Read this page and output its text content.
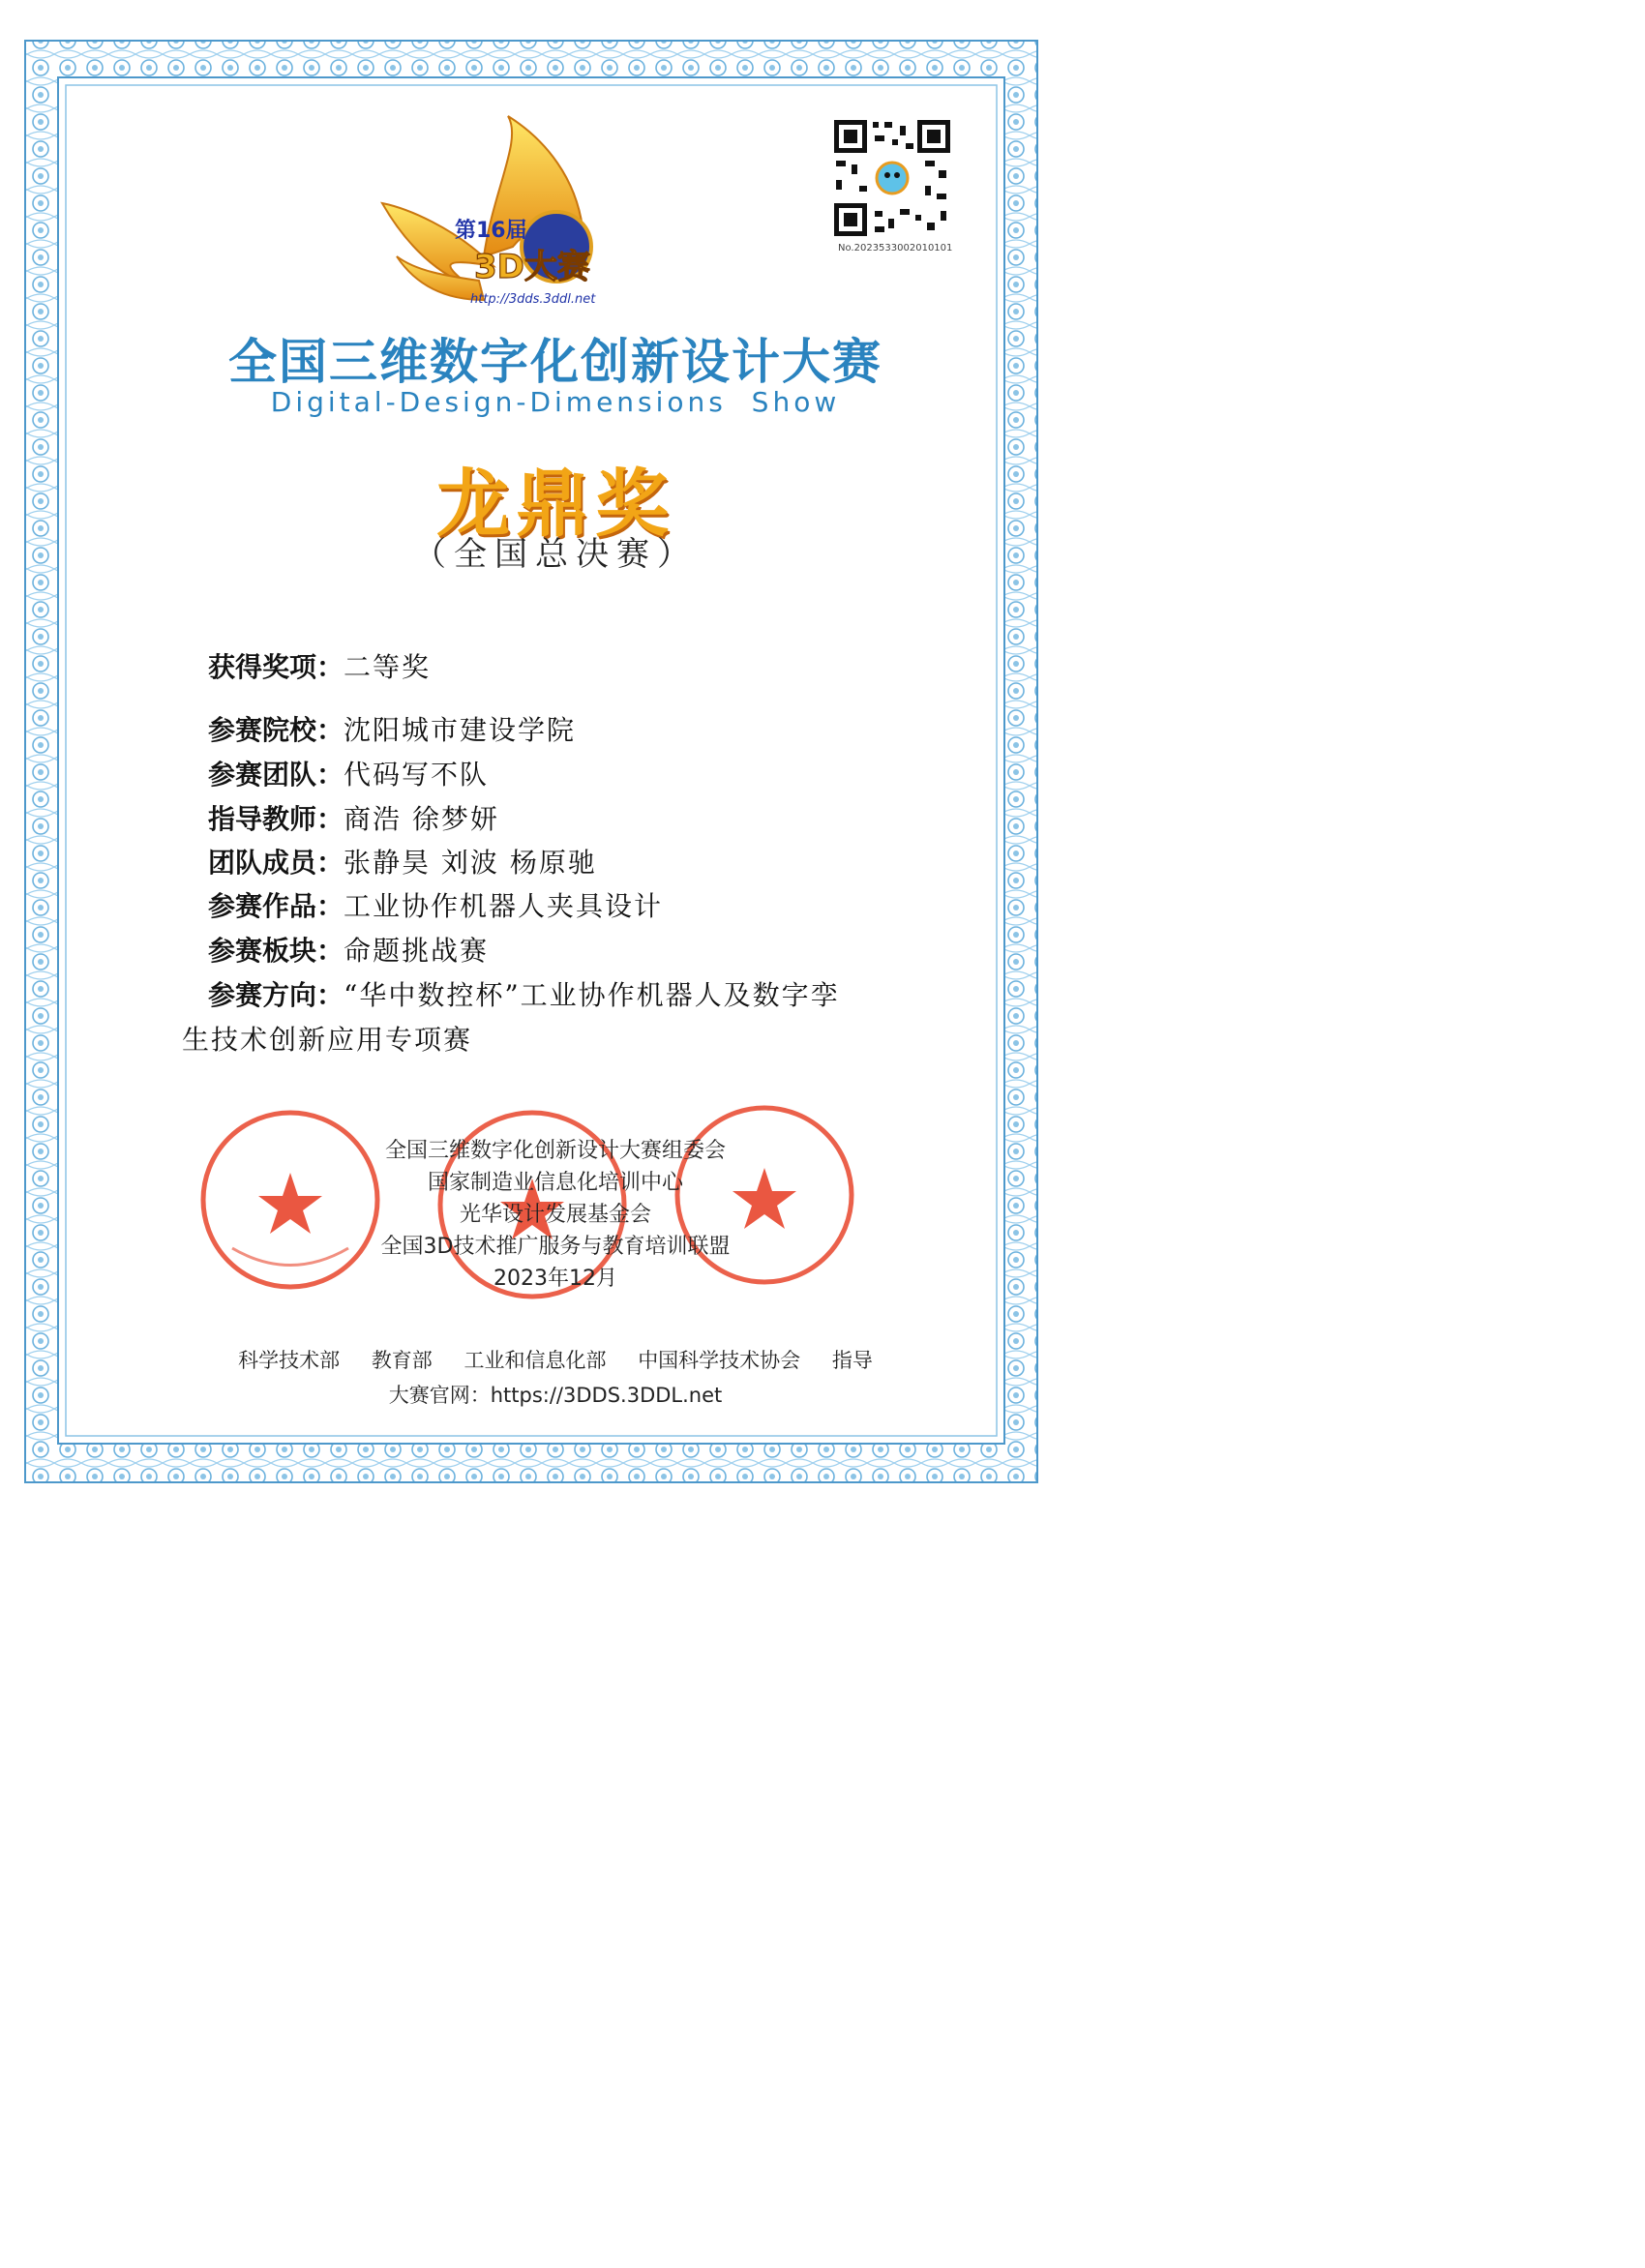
第16届
3D大赛
http://3dds.3ddl.net
No.2023533002010101
全国三维数字化创新设计大赛
Digital-Design-Dimensions  Show
龙鼎奖
（全国总决赛）
获得奖项：二等奖
参赛院校：沈阳城市建设学院
参赛团队：代码写不队
指导教师：商浩 徐梦妍
团队成员：张静昊 刘波 杨原驰
参赛作品：工业协作机器人夹具设计
参赛板块：命题挑战赛
参赛方向：“华中数控杯”工业协作机器人及数字孪
生技术创新应用专项赛
全国三维数字化创新设计大赛组委会
国家制造业信息化培训中心
光华设计发展基金会
全国3D技术推广服务与教育培训联盟
2023年12月
科学技术部 教育部 工业和信息化部 中国科学技术协会 指导
大赛官网：https://3DDS.3DDL.net
